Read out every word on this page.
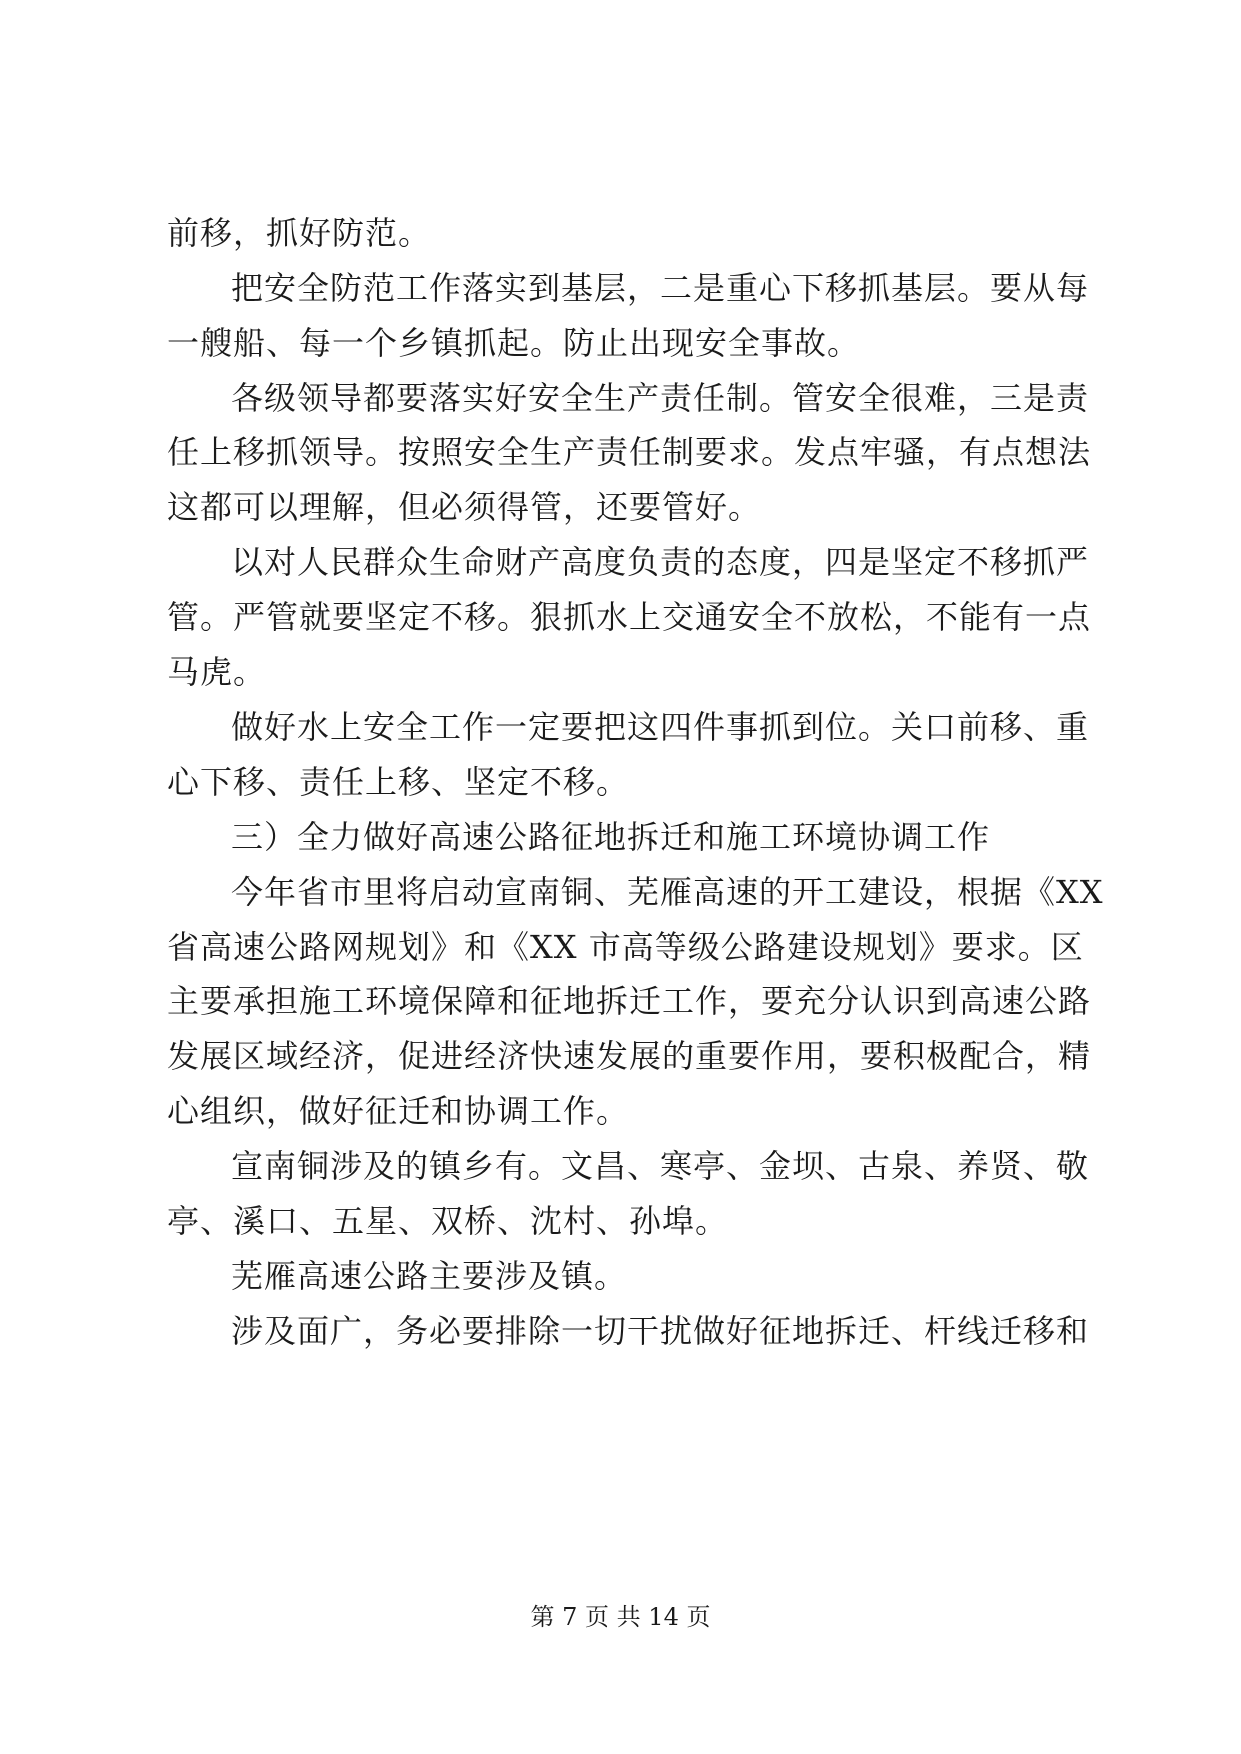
前移，抓好防范。
把安全防范工作落实到基层，二是重心下移抓基层。要从每
一艘船、每一个乡镇抓起。防止出现安全事故。
各级领导都要落实好安全生产责任制。管安全很难，三是责
任上移抓领导。按照安全生产责任制要求。发点牢骚，有点想法
这都可以理解，但必须得管，还要管好。
以对人民群众生命财产高度负责的态度，四是坚定不移抓严
管。严管就要坚定不移。狠抓水上交通安全不放松，不能有一点
马虎。
做好水上安全工作一定要把这四件事抓到位。关口前移、重
心下移、责任上移、坚定不移。
三）全力做好高速公路征地拆迁和施工环境协调工作
今年省市里将启动宣南铜、芜雁高速的开工建设，根据《XX
省高速公路网规划》和《XX 市高等级公路建设规划》要求。区
主要承担施工环境保障和征地拆迁工作，要充分认识到高速公路
发展区域经济，促进经济快速发展的重要作用，要积极配合，精
心组织，做好征迁和协调工作。
宣南铜涉及的镇乡有。文昌、寒亭、金坝、古泉、养贤、敬
亭、溪口、五星、双桥、沈村、孙埠。
芜雁高速公路主要涉及镇。
涉及面广，务必要排除一切干扰做好征地拆迁、杆线迁移和
第 7 页 共 14 页
